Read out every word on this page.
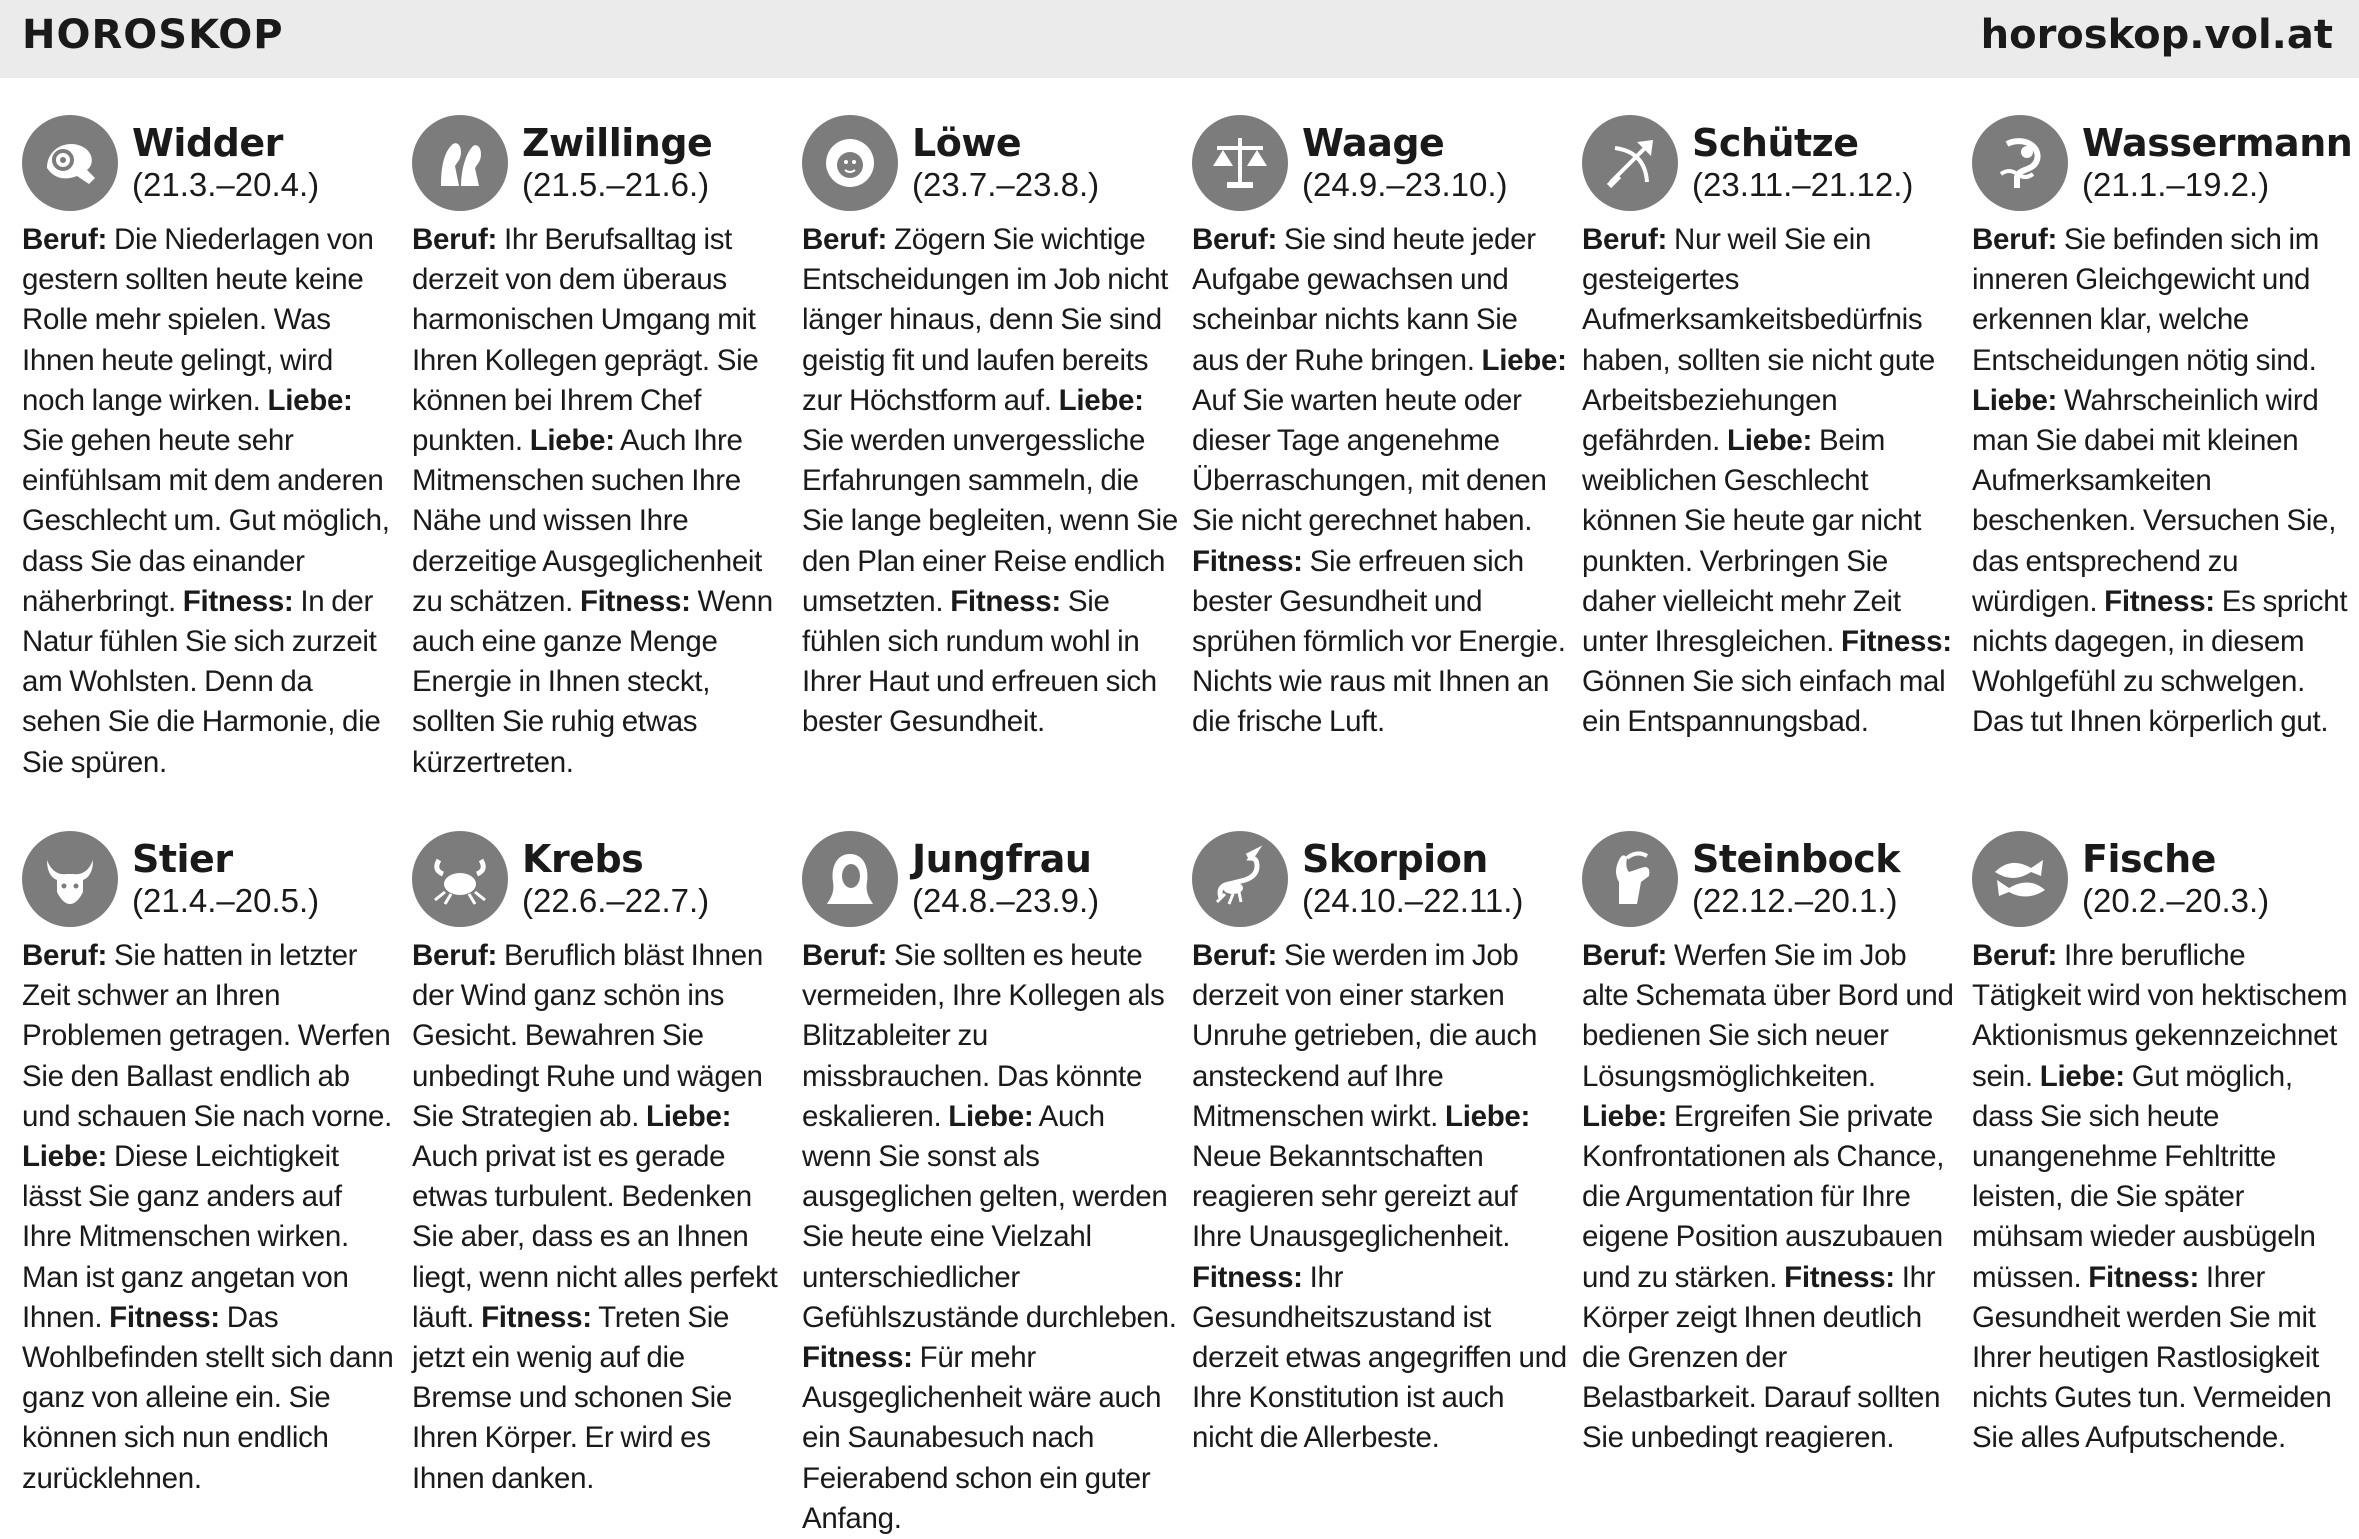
HOROSKOP	horoskop.vol.at
Widder
(21.3.–20.4.)
Beruf: Die Niederlagen von gestern sollten heute keine Rolle mehr spielen. Was Ihnen heute gelingt, wird noch lange wirken. Liebe: Sie gehen heute sehr einfühlsam mit dem anderen Geschlecht um. Gut möglich, dass Sie das einander näherbringt. Fitness: In der Natur fühlen Sie sich zurzeit am Wohlsten. Denn da sehen Sie die Harmonie, die Sie spüren.
Zwillinge
(21.5.–21.6.)
Beruf: Ihr Berufsalltag ist derzeit von dem überaus harmonischen Umgang mit Ihren Kollegen geprägt. Sie können bei Ihrem Chef punkten. Liebe: Auch Ihre Mitmenschen suchen Ihre Nähe und wissen Ihre derzeitige Ausgeglichenheit zu schätzen. Fitness: Wenn auch eine ganze Menge Energie in Ihnen steckt, sollten Sie ruhig etwas kürzertreten.
Löwe
(23.7.–23.8.)
Beruf: Zögern Sie wichtige Entscheidungen im Job nicht länger hinaus, denn Sie sind geistig fit und laufen bereits zur Höchstform auf. Liebe: Sie werden unvergessliche Erfahrungen sammeln, die Sie lange begleiten, wenn Sie den Plan einer Reise endlich umsetzten. Fitness: Sie fühlen sich rundum wohl in Ihrer Haut und erfreuen sich bester Gesundheit.
Waage
(24.9.–23.10.)
Beruf: Sie sind heute jeder Aufgabe gewachsen und scheinbar nichts kann Sie aus der Ruhe bringen. Liebe: Auf Sie warten heute oder dieser Tage angenehme Überraschungen, mit denen Sie nicht gerechnet haben. Fitness: Sie erfreuen sich bester Gesundheit und sprühen förmlich vor Energie. Nichts wie raus mit Ihnen an die frische Luft.
Schütze
(23.11.–21.12.)
Beruf: Nur weil Sie ein gesteigertes Aufmerksamkeitsbedürfnis haben, sollten sie nicht gute Arbeitsbeziehungen gefährden. Liebe: Beim weiblichen Geschlecht können Sie heute gar nicht punkten. Verbringen Sie daher vielleicht mehr Zeit unter Ihresgleichen. Fitness: Gönnen Sie sich einfach mal ein Entspannungsbad.
Wassermann
(21.1.–19.2.)
Beruf: Sie befinden sich im inneren Gleichgewicht und erkennen klar, welche Entscheidungen nötig sind. Liebe: Wahrscheinlich wird man Sie dabei mit kleinen Aufmerksamkeiten beschenken. Versuchen Sie, das entsprechend zu würdigen. Fitness: Es spricht nichts dagegen, in diesem Wohlgefühl zu schwelgen. Das tut Ihnen körperlich gut.
Stier
(21.4.–20.5.)
Beruf: Sie hatten in letzter Zeit schwer an Ihren Problemen getragen. Werfen Sie den Ballast endlich ab und schauen Sie nach vorne. Liebe: Diese Leichtigkeit lässt Sie ganz anders auf Ihre Mitmenschen wirken. Man ist ganz angetan von Ihnen. Fitness: Das Wohlbefinden stellt sich dann ganz von alleine ein. Sie können sich nun endlich zurücklehnen.
Krebs
(22.6.–22.7.)
Beruf: Beruflich bläst Ihnen der Wind ganz schön ins Gesicht. Bewahren Sie unbedingt Ruhe und wägen Sie Strategien ab. Liebe: Auch privat ist es gerade etwas turbulent. Bedenken Sie aber, dass es an Ihnen liegt, wenn nicht alles perfekt läuft. Fitness: Treten Sie jetzt ein wenig auf die Bremse und schonen Sie Ihren Körper. Er wird es Ihnen danken.
Jungfrau
(24.8.–23.9.)
Beruf: Sie sollten es heute vermeiden, Ihre Kollegen als Blitzableiter zu missbrauchen. Das könnte eskalieren. Liebe: Auch wenn Sie sonst als ausgeglichen gelten, werden Sie heute eine Vielzahl unterschiedlicher Gefühlszustände durchleben. Fitness: Für mehr Ausgeglichenheit wäre auch ein Saunabesuch nach Feierabend schon ein guter Anfang.
Skorpion
(24.10.–22.11.)
Beruf: Sie werden im Job derzeit von einer starken Unruhe getrieben, die auch ansteckend auf Ihre Mitmenschen wirkt. Liebe: Neue Bekanntschaften reagieren sehr gereizt auf Ihre Unausgeglichenheit. Fitness: Ihr Gesundheitszustand ist derzeit etwas angegriffen und Ihre Konstitution ist auch nicht die Allerbeste.
Steinbock
(22.12.–20.1.)
Beruf: Werfen Sie im Job alte Schemata über Bord und bedienen Sie sich neuer Lösungsmöglichkeiten. Liebe: Ergreifen Sie private Konfrontationen als Chance, die Argumentation für Ihre eigene Position auszubauen und zu stärken. Fitness: Ihr Körper zeigt Ihnen deutlich die Grenzen der Belastbarkeit. Darauf sollten Sie unbedingt reagieren.
Fische
(20.2.–20.3.)
Beruf: Ihre berufliche Tätigkeit wird von hektischem Aktionismus gekennzeichnet sein. Liebe: Gut möglich, dass Sie sich heute unangenehme Fehltritte leisten, die Sie später mühsam wieder ausbügeln müssen. Fitness: Ihrer Gesundheit werden Sie mit Ihrer heutigen Rastlosigkeit nichts Gutes tun. Vermeiden Sie alles Aufputschende.
